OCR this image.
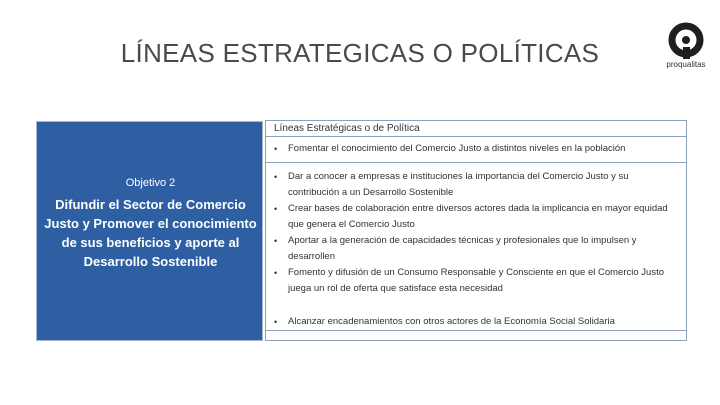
LÍNEAS ESTRATEGICAS O POLÍTICAS	proqualitas
Objetivo 2
Difundir el Sector de Comercio Justo y Promover el conocimiento de sus beneficios y aporte al Desarrollo Sostenible
Líneas Estratégicas o de Política
• Fomentar el conocimiento del Comercio Justo a distintos niveles en la población
• Dar a conocer a empresas e instituciones la importancia del Comercio Justo y su contribución a un Desarrollo Sostenible
• Crear bases de colaboración entre diversos actores dada la implicancia en mayor equidad que genera el Comercio Justo
• Aportar a la generación de capacidades técnicas y profesionales que lo impulsen y desarrollen
• Fomento y difusión de un Consumo Responsable y Consciente en que el Comercio Justo juega un rol de oferta que satisface esta necesidad
• Alcanzar encadenamientos con otros actores de la Economía Social Solidaria
